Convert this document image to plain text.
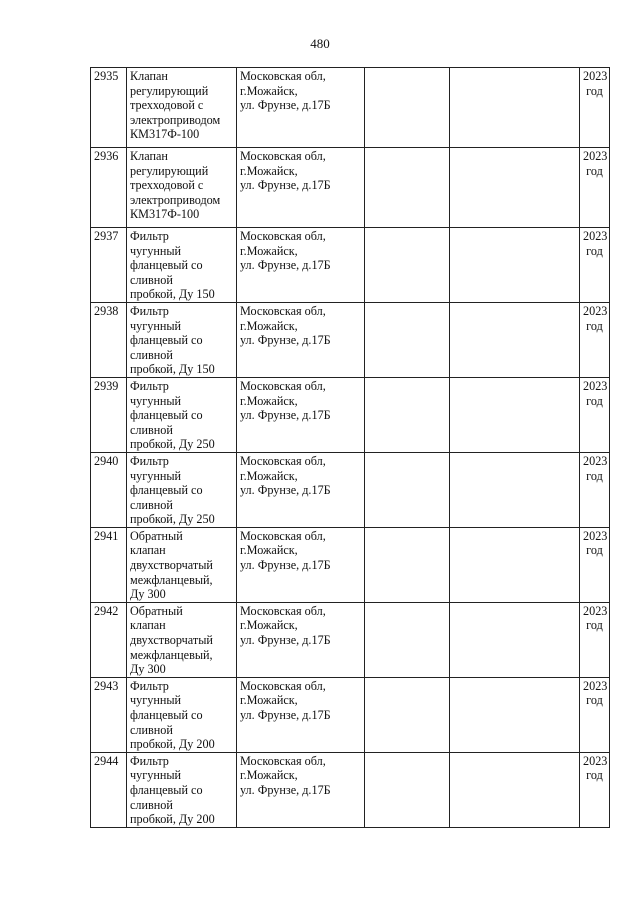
480
2935	Клапан
регулирующий
трехходовой с
электроприводом
КМ317Ф-100	Московская обл,
г.Можайск,
ул. Фрунзе, д.17Б			2023
год

2936	Клапан
регулирующий
трехходовой с
электроприводом
КМ317Ф-100	Московская обл,
г.Можайск,
ул. Фрунзе, д.17Б			2023
год

2937	Фильтр
чугунный
фланцевый со
сливной
пробкой, Ду 150	Московская обл,
г.Можайск,
ул. Фрунзе, д.17Б			2023
год

2938	Фильтр
чугунный
фланцевый со
сливной
пробкой, Ду 150	Московская обл,
г.Можайск,
ул. Фрунзе, д.17Б			2023
год

2939	Фильтр
чугунный
фланцевый со
сливной
пробкой, Ду 250	Московская обл,
г.Можайск,
ул. Фрунзе, д.17Б			2023
год

2940	Фильтр
чугунный
фланцевый со
сливной
пробкой, Ду 250	Московская обл,
г.Можайск,
ул. Фрунзе, д.17Б			2023
год

2941	Обратный
клапан
двухстворчатый
межфланцевый,
Ду 300	Московская обл,
г.Можайск,
ул. Фрунзе, д.17Б			2023
год

2942	Обратный
клапан
двухстворчатый
межфланцевый,
Ду 300	Московская обл,
г.Можайск,
ул. Фрунзе, д.17Б			2023
год

2943	Фильтр
чугунный
фланцевый со
сливной
пробкой, Ду 200	Московская обл,
г.Можайск,
ул. Фрунзе, д.17Б			2023
год

2944	Фильтр
чугунный
фланцевый со
сливной
пробкой, Ду 200	Московская обл,
г.Можайск,
ул. Фрунзе, д.17Б			2023
год
